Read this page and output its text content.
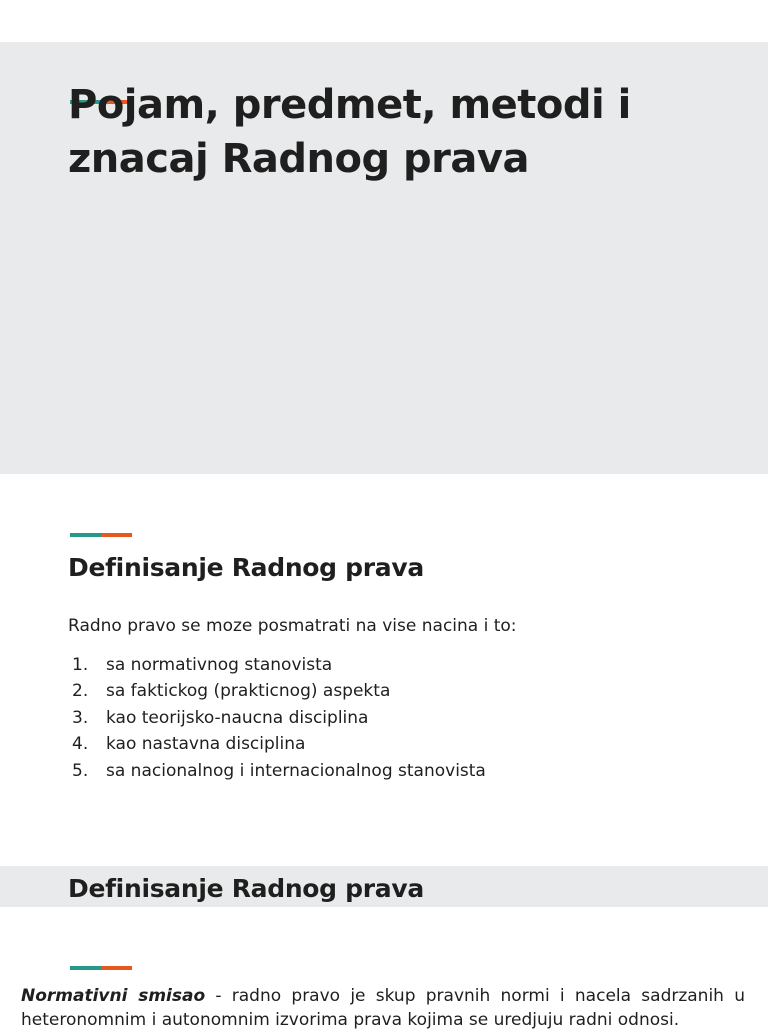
Pojam, predmet, metodi i znacaj Radnog prava
Definisanje Radnog prava

Radno pravo se moze posmatrati na vise nacina i to:

1. sa normativnog stanovista
2. sa faktickog (prakticnog) aspekta
3. kao teorijsko-naucna disciplina
4. kao nastavna disciplina
5. sa nacionalnog i internacionalnog stanovista
Definisanje Radnog prava

Normativni smisao - radno pravo je skup pravnih normi i nacela sadrzanih u heteronomnim i autonomnim izvorima prava kojima se uredjuju radni odnosi.
